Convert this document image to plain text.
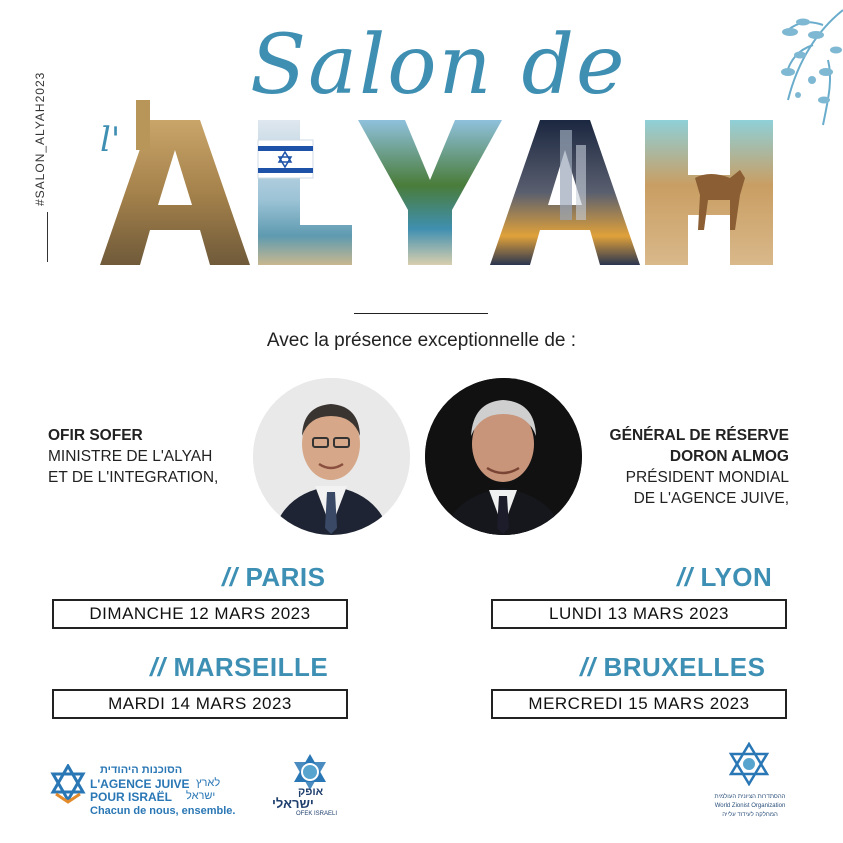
#SALON_ALYAH2023
Salon de
l'
Avec la présence exceptionnelle de :
OFIR SOFER
MINISTRE DE L'ALYAH
ET DE L'INTEGRATION,
GÉNÉRAL DE RÉSERVE
DORON ALMOG
PRÉSIDENT MONDIAL
DE L'AGENCE JUIVE,
// PARIS
DIMANCHE 12 MARS 2023
// LYON
LUNDI 13 MARS 2023
// MARSEILLE
MARDI 14 MARS 2023
// BRUXELLES
MERCREDI 15 MARS 2023
הסוכנות היהודית
L'AGENCE JUIVE לארץ
POUR ISRAËL ישראל
Chacun de nous, ensemble.
אופק
ישראלי
OFEK ISRAELI
ההסתדרות הציונית העולמית
World Zionist Organization
המחלקה לעידוד עלייה
